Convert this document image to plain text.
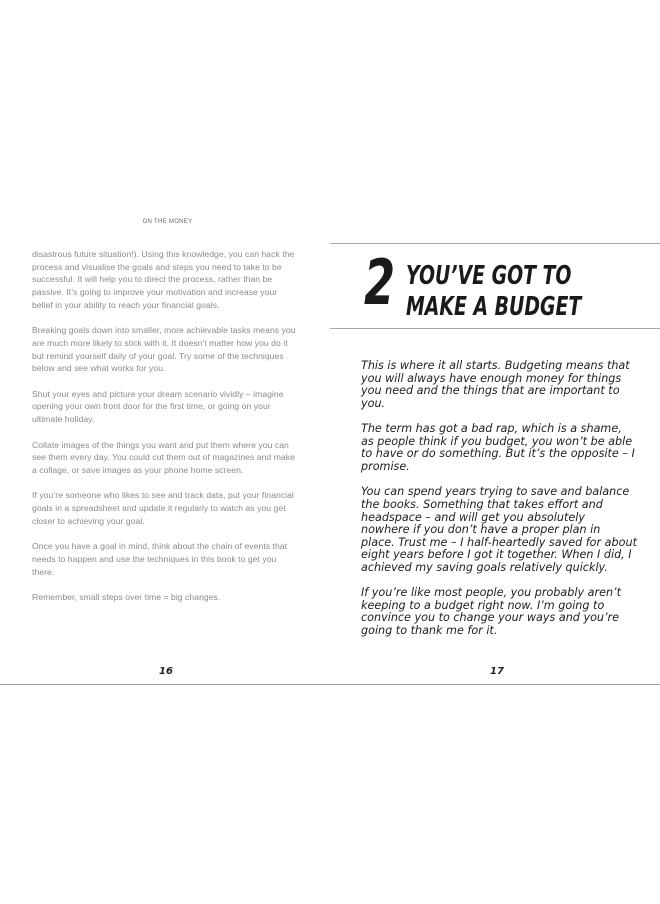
ON THE MONEY

disastrous future situation!). Using this knowledge, you can hack the process and visualise the goals and steps you need to take to be successful. It will help you to direct the process, rather than be passive. It’s going to improve your motivation and increase your belief in your ability to reach your financial goals.

Breaking goals down into smaller, more achievable tasks means you are much more likely to stick with it. It doesn’t matter how you do it but remind yourself daily of your goal. Try some of the techniques below and see what works for you.

Shut your eyes and picture your dream scenario vividly – imagine opening your own front door for the first time, or going on your ultimate holiday.

Collate images of the things you want and put them where you can see them every day. You could cut them out of magazines and make a collage, or save images as your phone home screen.

If you’re someone who likes to see and track data, put your financial goals in a spreadsheet and update it regularly to watch as you get closer to achieving your goal.

Once you have a goal in mind, think about the chain of events that needs to happen and use the techniques in this book to get you there.

Remember, small steps over time = big changes.

16
2 YOU’VE GOT TO
MAKE A BUDGET

This is where it all starts. Budgeting means that you will always have enough money for things you need and the things that are important to you.

The term has got a bad rap, which is a shame, as people think if you budget, you won’t be able to have or do something. But it’s the opposite – I promise.

You can spend years trying to save and balance the books. Something that takes effort and headspace – and will get you absolutely nowhere if you don’t have a proper plan in place. Trust me – I half-heartedly saved for about eight years before I got it together. When I did, I achieved my saving goals relatively quickly.

If you’re like most people, you probably aren’t keeping to a budget right now. I’m going to convince you to change your ways and you’re going to thank me for it.

17
